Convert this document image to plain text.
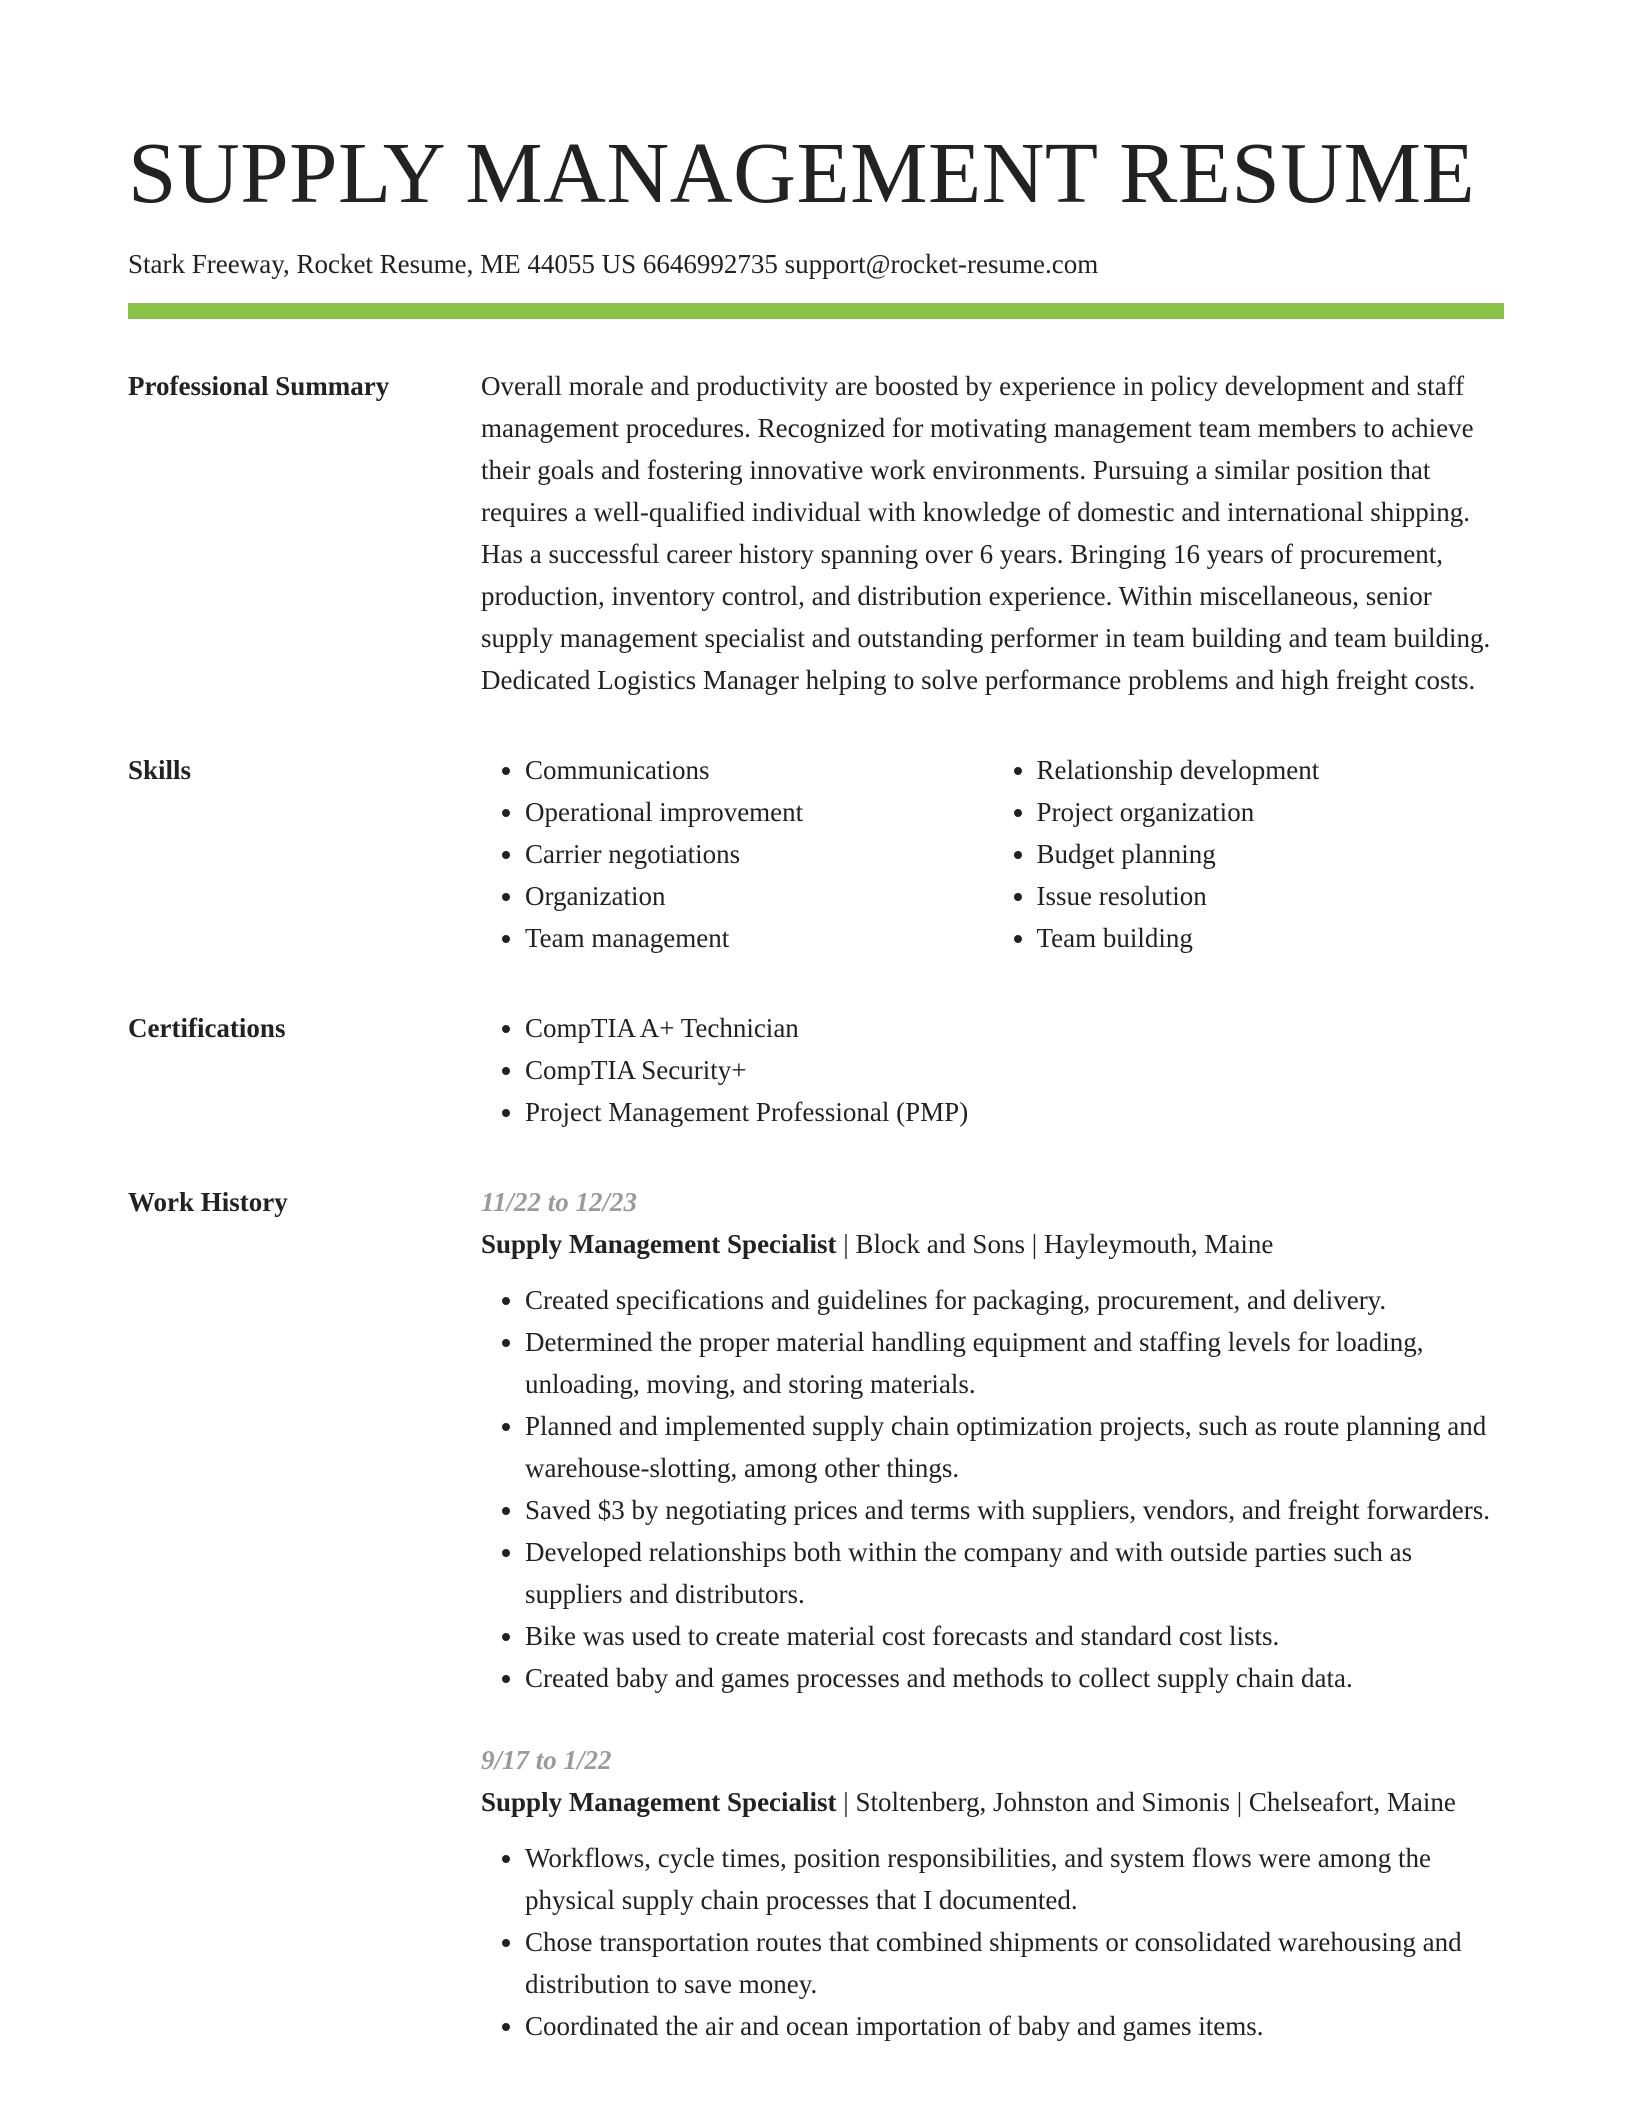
SUPPLY MANAGEMENT RESUME
Stark Freeway, Rocket Resume, ME 44055 US 6646992735 support@rocket-resume.com
Professional Summary	Overall morale and productivity are boosted by experience in policy development and staff management procedures. Recognized for motivating management team members to achieve their goals and fostering innovative work environments. Pursuing a similar position that requires a well-qualified individual with knowledge of domestic and international shipping. Has a successful career history spanning over 6 years. Bringing 16 years of procurement, production, inventory control, and distribution experience. Within miscellaneous, senior supply management specialist and outstanding performer in team building and team building. Dedicated Logistics Manager helping to solve performance problems and high freight costs.

Skills	• Communications
• Operational improvement
• Carrier negotiations
• Organization
• Team management
• Relationship development
• Project organization
• Budget planning
• Issue resolution
• Team building
Certifications	• CompTIA A+ Technician
• CompTIA Security+
• Project Management Professional (PMP)
Work History	11/22 to 12/23
Supply Management Specialist | Block and Sons | Hayleymouth, Maine
• Created specifications and guidelines for packaging, procurement, and delivery.
• Determined the proper material handling equipment and staffing levels for loading, unloading, moving, and storing materials.
• Planned and implemented supply chain optimization projects, such as route planning and warehouse-slotting, among other things.
• Saved $3 by negotiating prices and terms with suppliers, vendors, and freight forwarders.
• Developed relationships both within the company and with outside parties such as suppliers and distributors.
• Bike was used to create material cost forecasts and standard cost lists.
• Created baby and games processes and methods to collect supply chain data.
9/17 to 1/22
Supply Management Specialist | Stoltenberg, Johnston and Simonis | Chelseafort, Maine
• Workflows, cycle times, position responsibilities, and system flows were among the physical supply chain processes that I documented.
• Chose transportation routes that combined shipments or consolidated warehousing and distribution to save money.
• Coordinated the air and ocean importation of baby and games items.
